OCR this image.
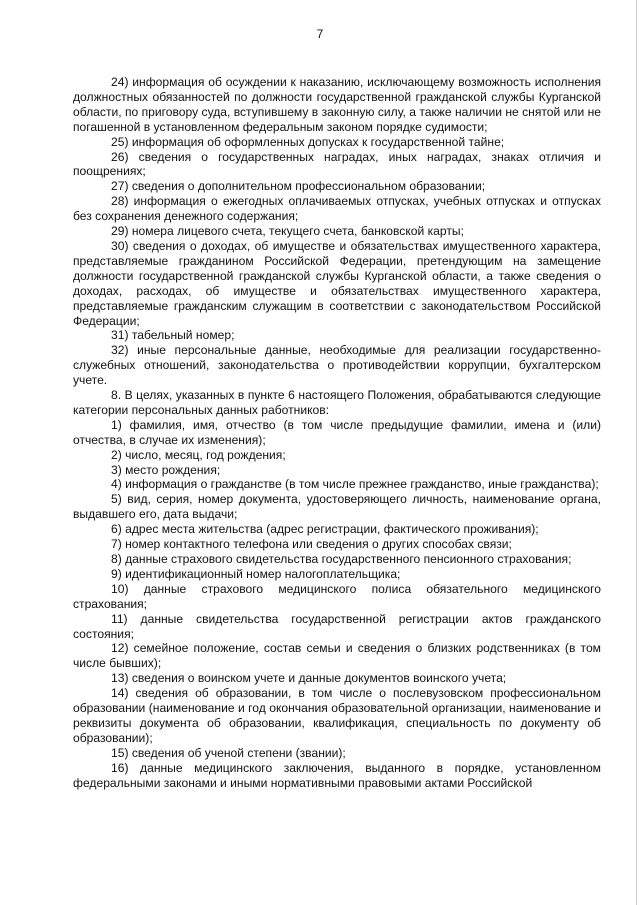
7

24) информация об осуждении к наказанию, исключающему возможность исполнения должностных обязанностей по должности государственной гражданской службы Курганской области, по приговору суда, вступившему в законную силу, а также наличии не снятой или не погашенной в установленном федеральным законом порядке судимости;

25) информация об оформленных допусках к государственной тайне;

26) сведения о государственных наградах, иных наградах, знаках отличия и поощрениях;

27) сведения о дополнительном профессиональном образовании;

28) информация о ежегодных оплачиваемых отпусках, учебных отпусках и отпусках без сохранения денежного содержания;

29) номера лицевого счета, текущего счета, банковской карты;

30) сведения о доходах, об имуществе и обязательствах имущественного характера, представляемые гражданином Российской Федерации, претендующим на замещение должности государственной гражданской службы Курганской области, а также сведения о доходах, расходах, об имуществе и обязательствах имущественного характера, представляемые гражданским служащим в соответствии с законодательством Российской Федерации;

31) табельный номер;

32) иные персональные данные, необходимые для реализации государственно-служебных отношений, законодательства о противодействии коррупции, бухгалтерском учете.

8. В целях, указанных в пункте 6 настоящего Положения, обрабатываются следующие категории персональных данных работников:

1) фамилия, имя, отчество (в том числе предыдущие фамилии, имена и (или) отчества, в случае их изменения);

2) число, месяц, год рождения;

3) место рождения;

4) информация о гражданстве (в том числе прежнее гражданство, иные гражданства);

5) вид, серия, номер документа, удостоверяющего личность, наименование органа, выдавшего его, дата выдачи;

6) адрес места жительства (адрес регистрации, фактического проживания);

7) номер контактного телефона или сведения о других способах связи;

8) данные страхового свидетельства государственного пенсионного страхования;

9) идентификационный номер налогоплательщика;

10) данные страхового медицинского полиса обязательного медицинского страхования;

11) данные свидетельства государственной регистрации актов гражданского состояния;

12) семейное положение, состав семьи и сведения о близких родственниках (в том числе бывших);

13) сведения о воинском учете и данные документов воинского учета;

14) сведения об образовании, в том числе о послевузовском профессиональном образовании (наименование и год окончания образовательной организации, наименование и реквизиты документа об образовании, квалификация, специальность по документу об образовании);

15) сведения об ученой степени (звании);

16) данные медицинского заключения, выданного в порядке, установленном федеральными законами и иными нормативными правовыми актами Российской
